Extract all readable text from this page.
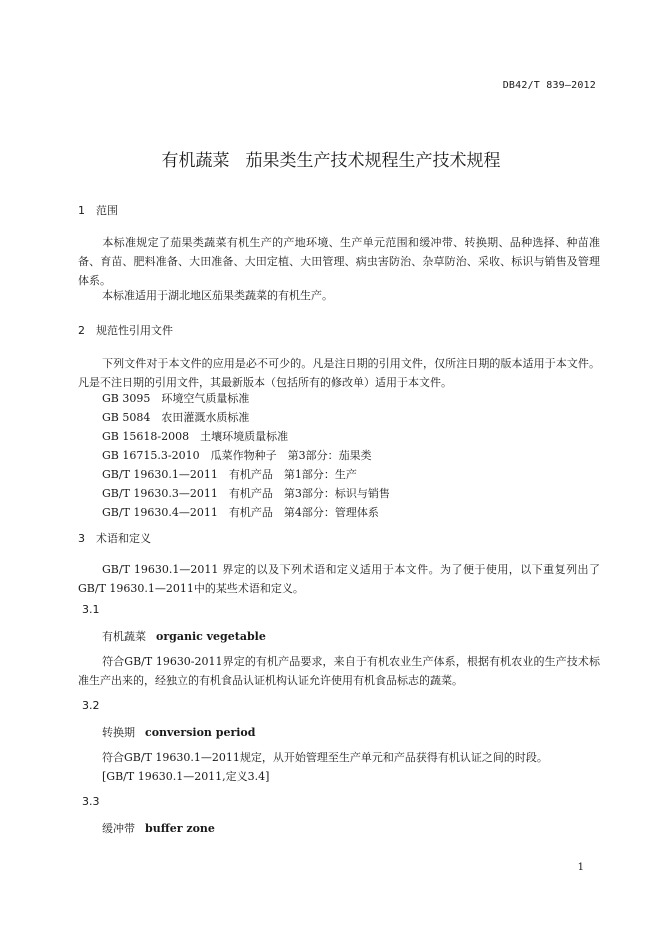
DB42/T 839—2012
有机蔬菜 茄果类生产技术规程生产技术规程
1 范围
本标准规定了茄果类蔬菜有机生产的产地环境、生产单元范围和缓冲带、转换期、品种选择、种苗准备、育苗、肥料准备、大田准备、大田定植、大田管理、病虫害防治、杂草防治、采收、标识与销售及管理体系。
本标准适用于湖北地区茄果类蔬菜的有机生产。
2 规范性引用文件
下列文件对于本文件的应用是必不可少的。凡是注日期的引用文件，仅所注日期的版本适用于本文件。凡是不注日期的引用文件，其最新版本（包括所有的修改单）适用于本文件。
GB 3095　环境空气质量标准
GB 5084　农田灌溉水质标准
GB 15618-2008　土壤环境质量标准
GB 16715.3-2010　瓜菜作物种子　第3部分：茄果类
GB/T 19630.1—2011　有机产品　第1部分：生产
GB/T 19630.3—2011　有机产品　第3部分：标识与销售
GB/T 19630.4—2011　有机产品　第4部分：管理体系
3 术语和定义
GB/T 19630.1—2011 界定的以及下列术语和定义适用于本文件。为了便于使用，以下重复列出了GB/T 19630.1—2011中的某些术语和定义。
3.1
有机蔬菜 organic vegetable
符合GB/T 19630-2011界定的有机产品要求，来自于有机农业生产体系，根据有机农业的生产技术标准生产出来的，经独立的有机食品认证机构认证允许使用有机食品标志的蔬菜。
3.2
转换期 conversion period
符合GB/T 19630.1—2011规定，从开始管理至生产单元和产品获得有机认证之间的时段。
[GB/T 19630.1—2011,定义3.4]
3.3
缓冲带 buffer zone
1
